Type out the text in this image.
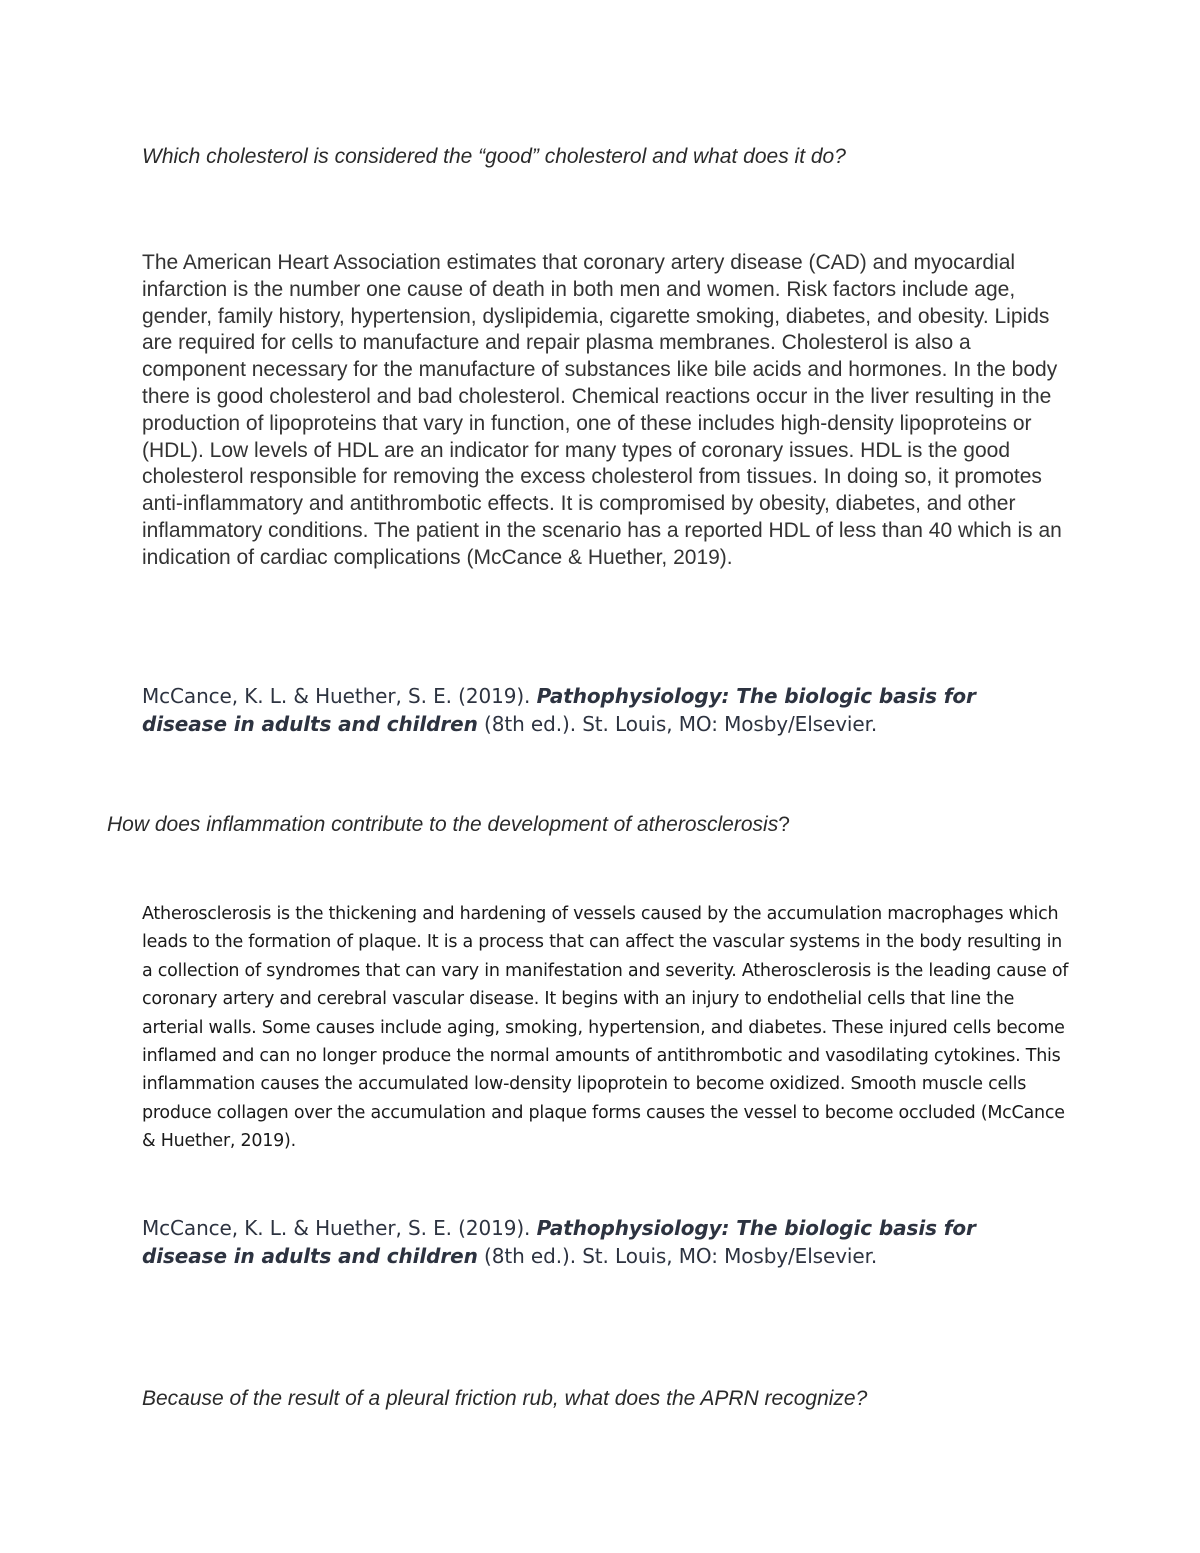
Which cholesterol is considered the “good” cholesterol and what does it do?

The American Heart Association estimates that coronary artery disease (CAD) and myocardial infarction is the number one cause of death in both men and women. Risk factors include age, gender, family history, hypertension, dyslipidemia, cigarette smoking, diabetes, and obesity. Lipids are required for cells to manufacture and repair plasma membranes. Cholesterol is also a component necessary for the manufacture of substances like bile acids and hormones. In the body there is good cholesterol and bad cholesterol. Chemical reactions occur in the liver resulting in the production of lipoproteins that vary in function, one of these includes high-density lipoproteins or (HDL). Low levels of HDL are an indicator for many types of coronary issues. HDL is the good cholesterol responsible for removing the excess cholesterol from tissues. In doing so, it promotes anti-inflammatory and antithrombotic effects. It is compromised by obesity, diabetes, and other inflammatory conditions. The patient in the scenario has a reported HDL of less than 40 which is an indication of cardiac complications (McCance & Huether, 2019).

McCance, K. L. & Huether, S. E. (2019). Pathophysiology: The biologic basis for disease in adults and children (8th ed.). St. Louis, MO: Mosby/Elsevier.

How does inflammation contribute to the development of atherosclerosis?

Atherosclerosis is the thickening and hardening of vessels caused by the accumulation macrophages which leads to the formation of plaque. It is a process that can affect the vascular systems in the body resulting in a collection of syndromes that can vary in manifestation and severity. Atherosclerosis is the leading cause of coronary artery and cerebral vascular disease. It begins with an injury to endothelial cells that line the arterial walls. Some causes include aging, smoking, hypertension, and diabetes. These injured cells become inflamed and can no longer produce the normal amounts of antithrombotic and vasodilating cytokines. This inflammation causes the accumulated low-density lipoprotein to become oxidized. Smooth muscle cells produce collagen over the accumulation and plaque forms causes the vessel to become occluded (McCance & Huether, 2019).

McCance, K. L. & Huether, S. E. (2019). Pathophysiology: The biologic basis for disease in adults and children (8th ed.). St. Louis, MO: Mosby/Elsevier.

Because of the result of a pleural friction rub, what does the APRN recognize?
